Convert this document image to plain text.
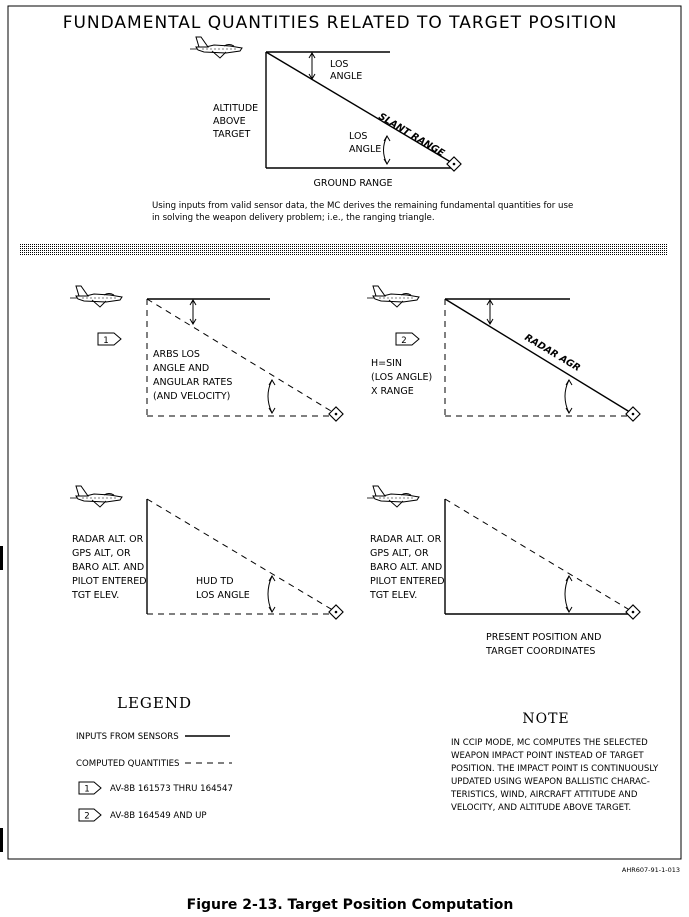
FUNDAMENTAL QUANTITIES RELATED TO TARGET POSITION
LOS
ANGLE
ALTITUDE
ABOVE
TARGET	SLANT RANGE
LOS
ANGLE
GROUND RANGE
Using inputs from valid sensor data, the MC derives the remaining fundamental quantities for use
in solving the weapon delivery problem; i.e., the ranging triangle.
1
ARBS LOS
ANGLE AND
ANGULAR RATES
(AND VELOCITY)
2
H=SIN
(LOS ANGLE)
X RANGE
RADAR AGR
RADAR ALT. OR
GPS ALT, OR
BARO ALT. AND
PILOT ENTERED
TGT ELEV.
HUD TD
LOS ANGLE
RADAR ALT. OR
GPS ALT, OR
BARO ALT. AND
PILOT ENTERED
TGT ELEV.
PRESENT POSITION AND
TARGET COORDINATES
LEGEND
INPUTS FROM SENSORS
COMPUTED QUANTITIES
1 AV-8B 161573 THRU 164547
2 AV-8B 164549 AND UP
NOTE
IN CCIP MODE, MC COMPUTES THE SELECTED
WEAPON IMPACT POINT INSTEAD OF TARGET
POSITION. THE IMPACT POINT IS CONTINUOUSLY
UPDATED USING WEAPON BALLISTIC CHARAC-
TERISTICS, WIND, AIRCRAFT ATTITUDE AND
VELOCITY, AND ALTITUDE ABOVE TARGET.
AHR607-91-1-013
Figure 2-13. Target Position Computation
